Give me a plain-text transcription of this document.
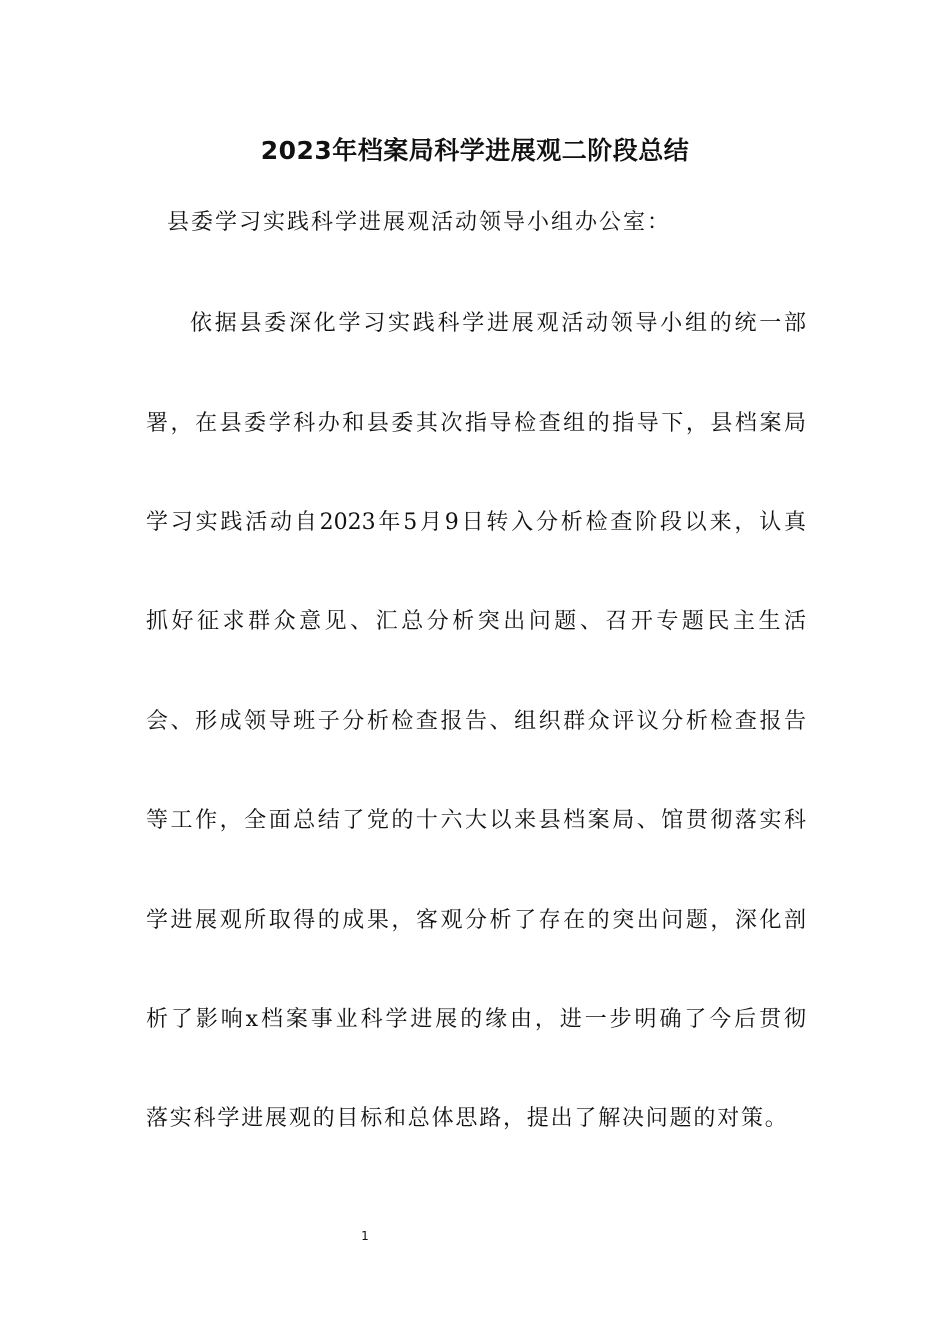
2023年档案局科学进展观二阶段总结

县委学习实践科学进展观活动领导小组办公室：

依据县委深化学习实践科学进展观活动领导小组的统一部

署，在县委学科办和县委其次指导检查组的指导下，县档案局

学习实践活动自2023年5月9日转入分析检查阶段以来，认真

抓好征求群众意见、汇总分析突出问题、召开专题民主生活

会、形成领导班子分析检查报告、组织群众评议分析检查报告

等工作，全面总结了党的十六大以来县档案局、馆贯彻落实科

学进展观所取得的成果，客观分析了存在的突出问题，深化剖

析了影响x档案事业科学进展的缘由，进一步明确了今后贯彻

落实科学进展观的目标和总体思路，提出了解决问题的对策。

1
